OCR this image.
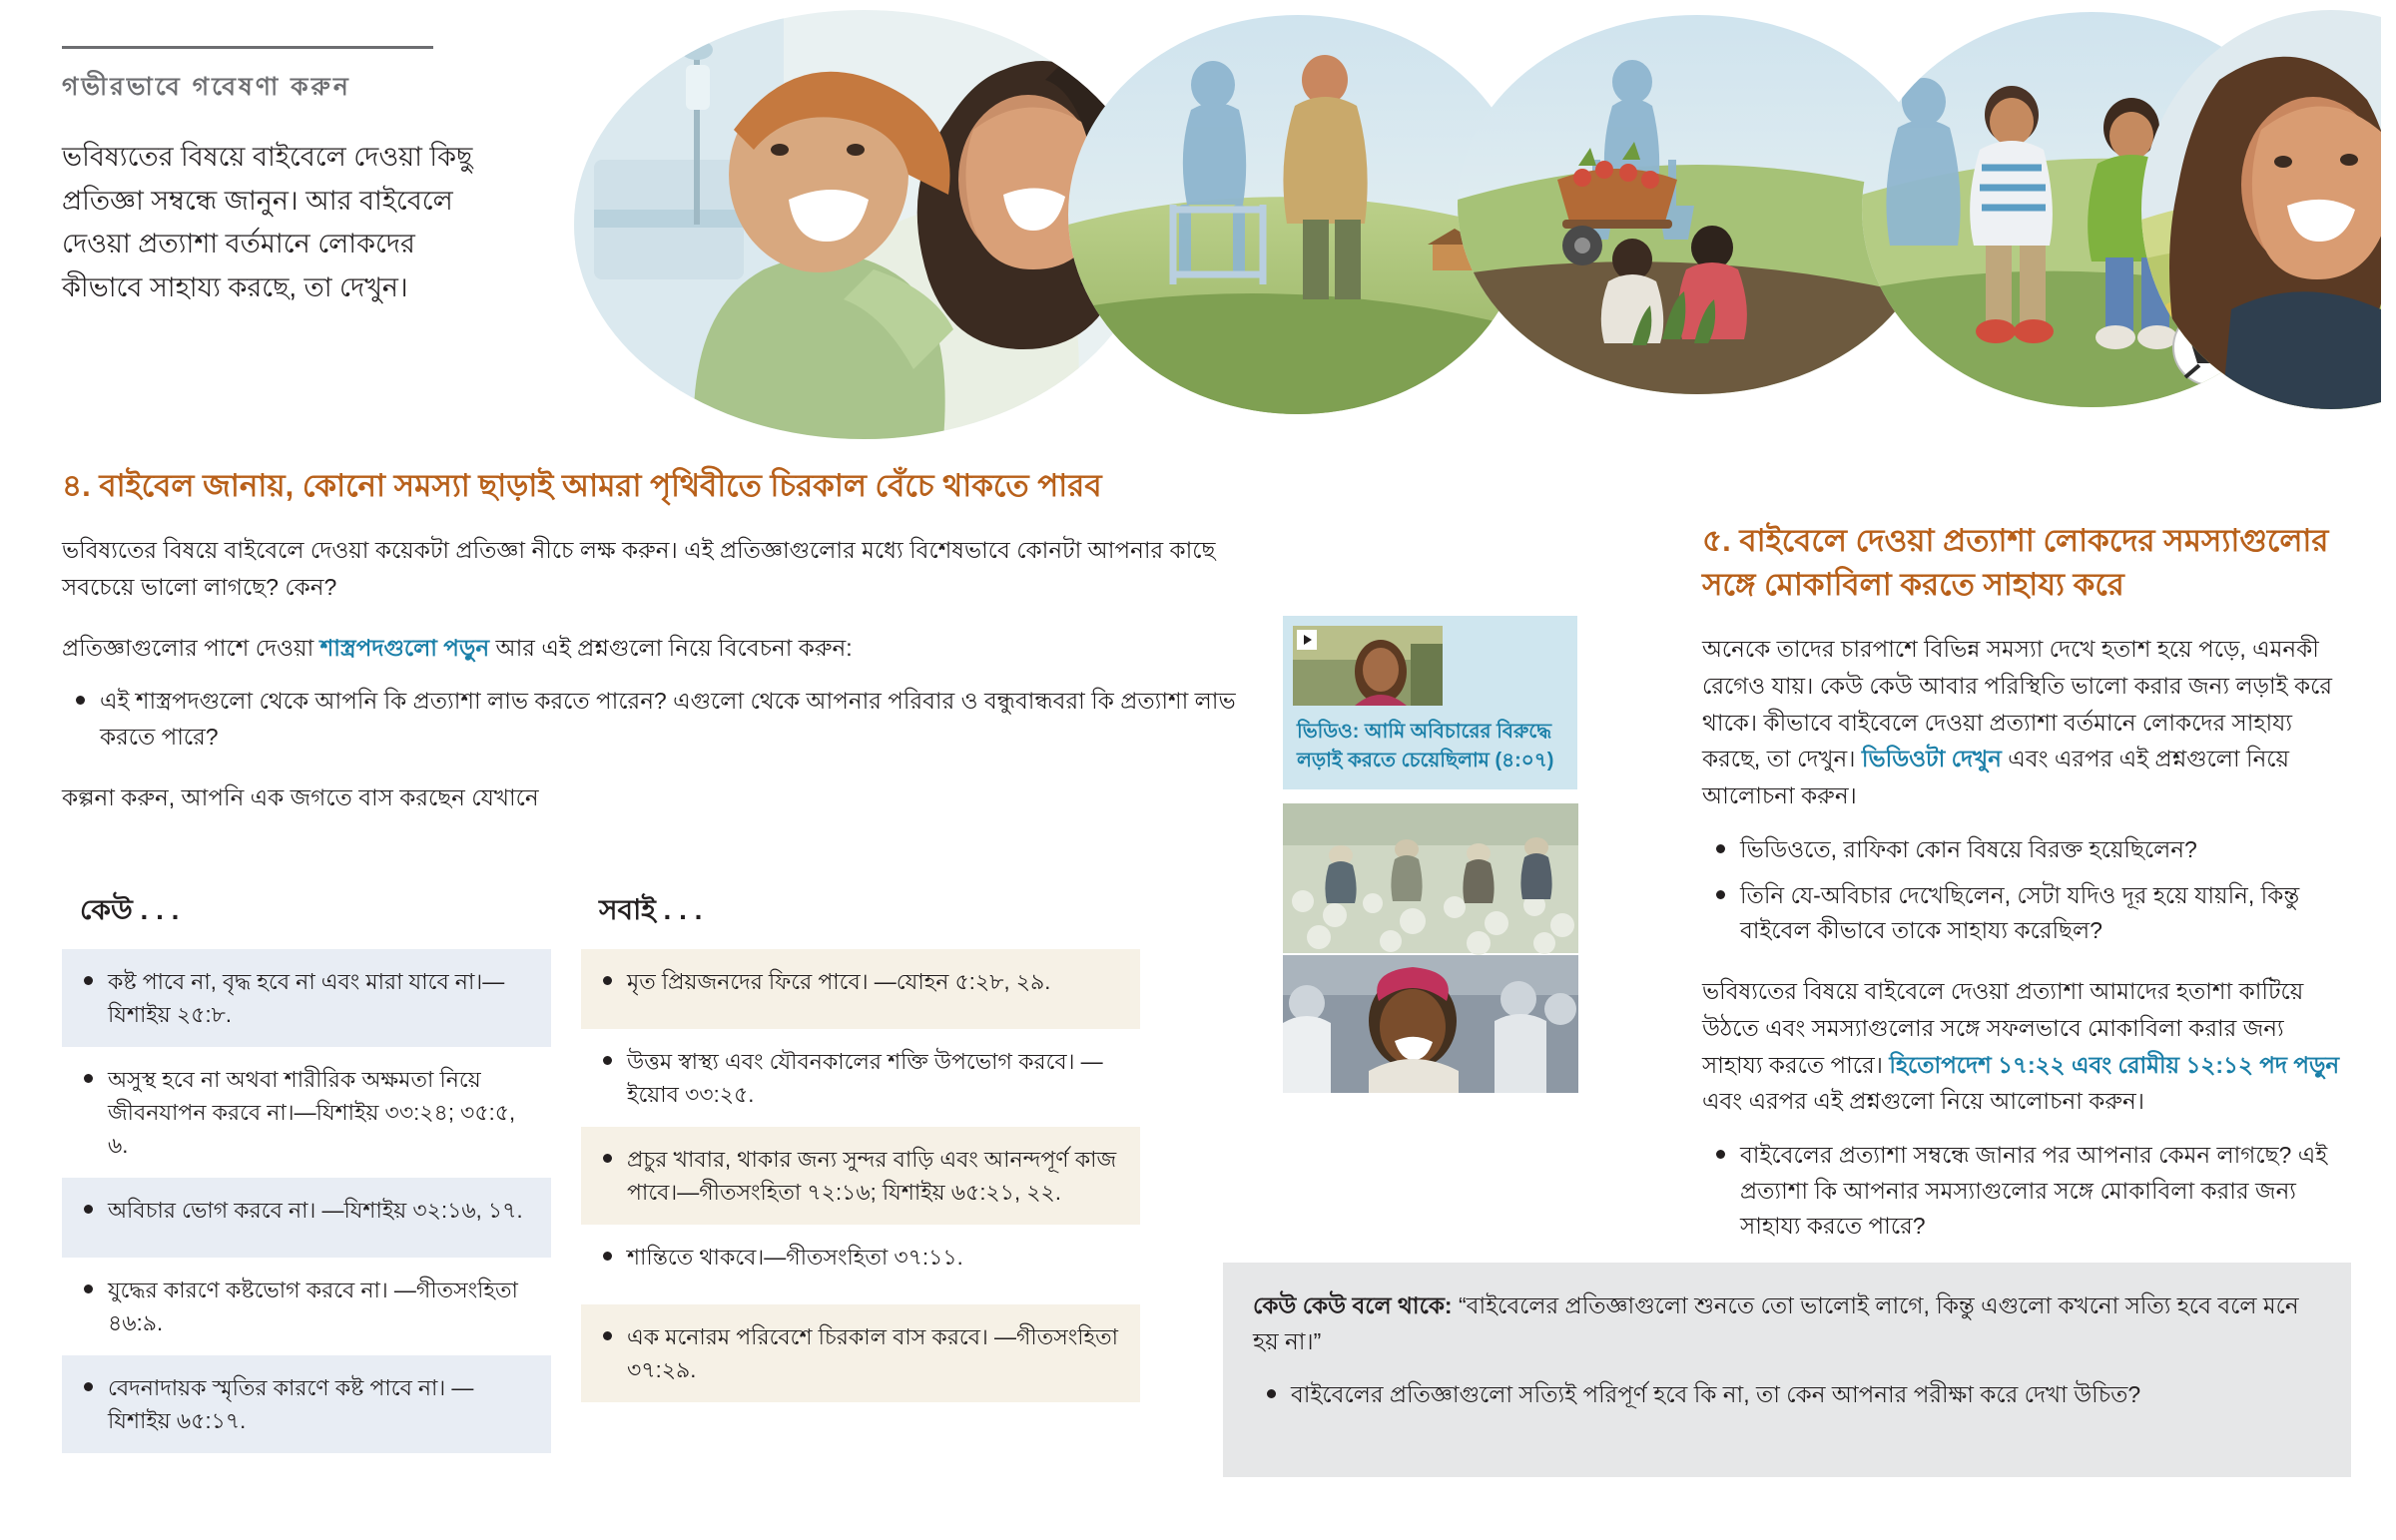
গভীরভাবে গবেষণা করুন
ভবিষ্যতের বিষয়ে বাইবেলে দেওয়া কিছু প্রতিজ্ঞা সম্বন্ধে জানুন। আর বাইবেলে দেওয়া প্রত্যাশা বর্তমানে লোকদের কীভাবে সাহায্য করছে, তা দেখুন।
৪. বাইবেল জানায়, কোনো সমস্যা ছাড়াই আমরা পৃথিবীতে চিরকাল বেঁচে থাকতে পারব
ভবিষ্যতের বিষয়ে বাইবেলে দেওয়া কয়েকটা প্রতিজ্ঞা নীচে লক্ষ করুন। এই প্রতিজ্ঞাগুলোর মধ্যে বিশেষভাবে কোনটা আপনার কাছে সবচেয়ে ভালো লাগছে? কেন?
প্রতিজ্ঞাগুলোর পাশে দেওয়া শাস্ত্রপদগুলো পড়ুন আর এই প্রশ্নগুলো নিয়ে বিবেচনা করুন:
এই শাস্ত্রপদগুলো থেকে আপনি কি প্রত্যাশা লাভ করতে পারেন? এগুলো থেকে আপনার পরিবার ও বন্ধুবান্ধবরা কি প্রত্যাশা লাভ করতে পারে?
কল্পনা করুন, আপনি এক জগতে বাস করছেন যেখানে
কেউ . . .	সবাই . . .
কষ্ট পাবে না, বৃদ্ধ হবে না এবং মারা যাবে না।—যিশাইয় ২৫:৮.
অসুস্থ হবে না অথবা শারীরিক অক্ষমতা নিয়ে জীবনযাপন করবে না।—যিশাইয় ৩৩:২৪; ৩৫:৫, ৬.
অবিচার ভোগ করবে না। —যিশাইয় ৩২:১৬, ১৭.
যুদ্ধের কারণে কষ্টভোগ করবে না। —গীতসংহিতা ৪৬:৯.
বেদনাদায়ক স্মৃতির কারণে কষ্ট পাবে না। —যিশাইয় ৬৫:১৭.
মৃত প্রিয়জনদের ফিরে পাবে। —যোহন ৫:২৮, ২৯.
উত্তম স্বাস্থ্য এবং যৌবনকালের শক্তি উপভোগ করবে। —ইয়োব ৩৩:২৫.
প্রচুর খাবার, থাকার জন্য সুন্দর বাড়ি এবং আনন্দপূর্ণ কাজ পাবে।—গীতসংহিতা ৭২:১৬; যিশাইয় ৬৫:২১, ২২.
শান্তিতে থাকবে।—গীতসংহিতা ৩৭:১১.
এক মনোরম পরিবেশে চিরকাল বাস করবে। —গীতসংহিতা ৩৭:২৯.
ভিডিও: আমি অবিচারের বিরুদ্ধে লড়াই করতে চেয়েছিলাম (৪:০৭)
৫. বাইবেলে দেওয়া প্রত্যাশা লোকদের সমস্যাগুলোর সঙ্গে মোকাবিলা করতে সাহায্য করে
অনেকে তাদের চারপাশে বিভিন্ন সমস্যা দেখে হতাশ হয়ে পড়ে, এমনকী রেগেও যায়। কেউ কেউ আবার পরিস্থিতি ভালো করার জন্য লড়াই করে থাকে। কীভাবে বাইবেলে দেওয়া প্রত্যাশা বর্তমানে লোকদের সাহায্য করছে, তা দেখুন। ভিডিওটা দেখুন এবং এরপর এই প্রশ্নগুলো নিয়ে আলোচনা করুন।
ভিডিওতে, রাফিকা কোন বিষয়ে বিরক্ত হয়েছিলেন?
তিনি যে-অবিচার দেখেছিলেন, সেটা যদিও দূর হয়ে যায়নি, কিন্তু বাইবেল কীভাবে তাকে সাহায্য করেছিল?
ভবিষ্যতের বিষয়ে বাইবেলে দেওয়া প্রত্যাশা আমাদের হতাশা কাটিয়ে উঠতে এবং সমস্যাগুলোর সঙ্গে সফলভাবে মোকাবিলা করার জন্য সাহায্য করতে পারে। হিতোপদেশ ১৭:২২ এবং রোমীয় ১২:১২ পদ পড়ুন এবং এরপর এই প্রশ্নগুলো নিয়ে আলোচনা করুন।
বাইবেলের প্রত্যাশা সম্বন্ধে জানার পর আপনার কেমন লাগছে? এই প্রত্যাশা কি আপনার সমস্যাগুলোর সঙ্গে মোকাবিলা করার জন্য সাহায্য করতে পারে?
কেউ কেউ বলে থাকে: “বাইবেলের প্রতিজ্ঞাগুলো শুনতে তো ভালোই লাগে, কিন্তু এগুলো কখনো সত্যি হবে বলে মনে হয় না।”
বাইবেলের প্রতিজ্ঞাগুলো সত্যিই পরিপূর্ণ হবে কি না, তা কেন আপনার পরীক্ষা করে দেখা উচিত?
